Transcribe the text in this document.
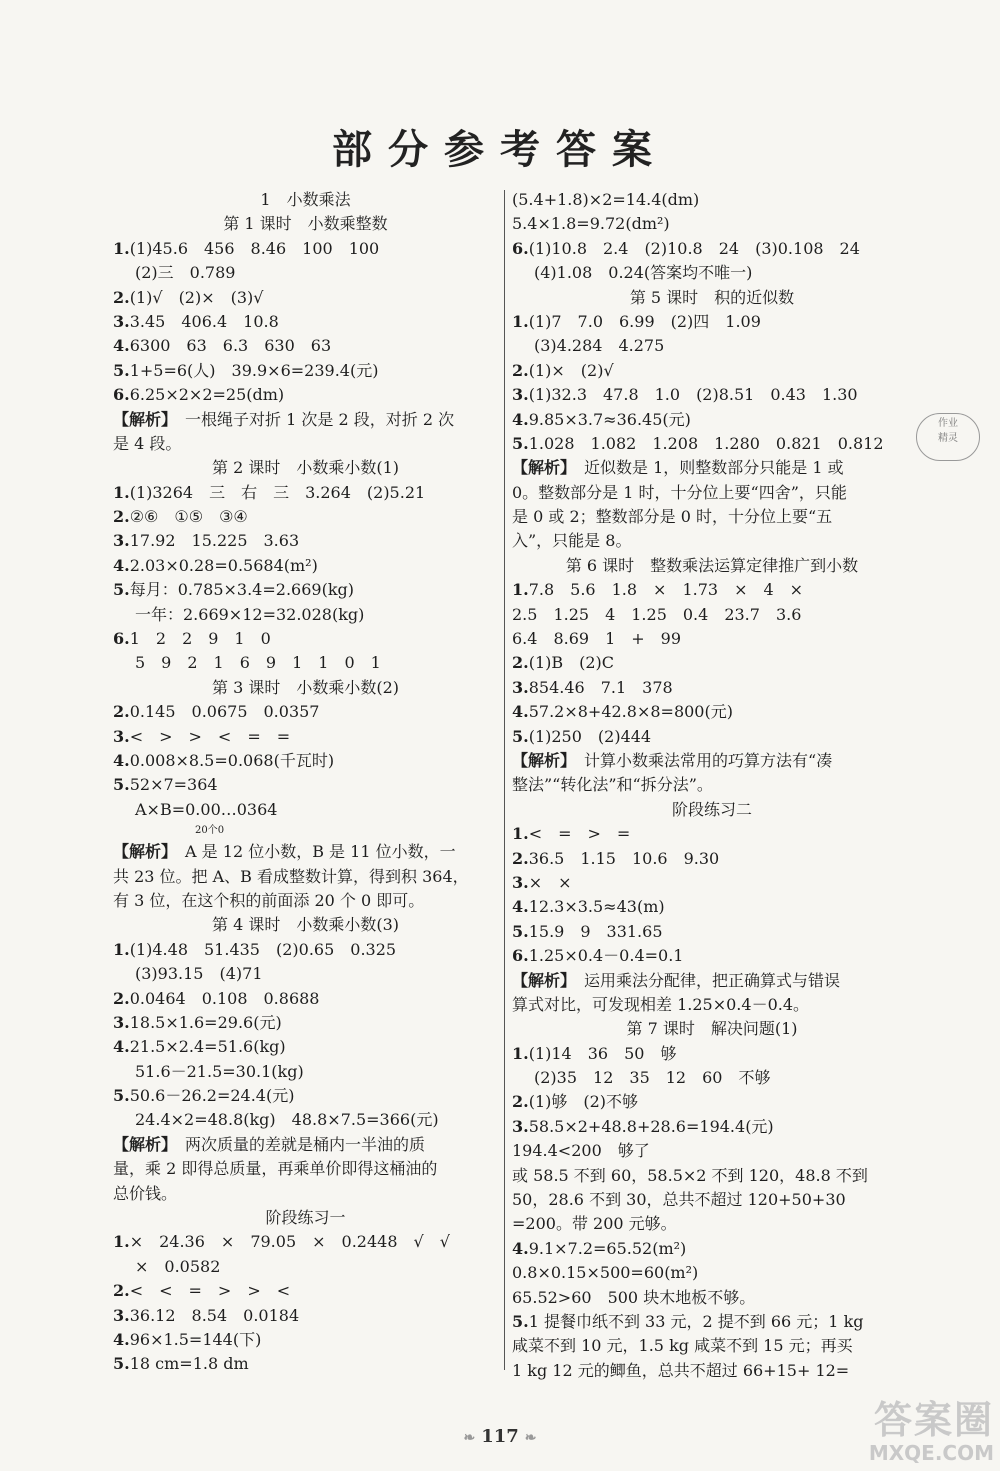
部分参考答案
1　小数乘法
第 1 课时　小数乘整数
1.(1)45.6　456　8.46　100　100
(2)三　0.789
2.(1)√　(2)×　(3)√
3.3.45　406.4　10.8
4.6300　63　6.3　630　63
5.1+5=6(人)　39.9×6=239.4(元)
6.6.25×2×2=25(dm)
【解析】　 一根绳子对折 1 次是 2 段，对折 2 次
是 4 段。
第 2 课时　小数乘小数(1)
1.(1)3264　三　右　三　3.264　(2)5.21
2.②⑥　①⑤　③④
3.17.92　15.225　3.63
4.2.03×0.28=0.5684(m²)
5.每月：0.785×3.4=2.669(kg)
一年：2.669×12=32.028(kg)
6.1　2　2　9　1　0
5　9　2　1　6　9　1　1　0　1
第 3 课时　小数乘小数(2)
2.0.145　0.0675　0.0357
3.<　>　>　<　=　=
4.0.008×8.5=0.068(千瓦时)
5.52×7=364
A×B=0.00…0364
20个0
【解析】　 A 是 12 位小数，B 是 11 位小数，一
共 23 位。把 A、B 看成整数计算，得到积 364，
有 3 位，在这个积的前面添 20 个 0 即可。
第 4 课时　小数乘小数(3)
1.(1)4.48　51.435　(2)0.65　0.325
(3)93.15　(4)71
2.0.0464　0.108　0.8688
3.18.5×1.6=29.6(元)
4.21.5×2.4=51.6(kg)
51.6－21.5=30.1(kg)
5.50.6－26.2=24.4(元)
24.4×2=48.8(kg)　48.8×7.5=366(元)
【解析】　 两次质量的差就是桶内一半油的质
量，乘 2 即得总质量，再乘单价即得这桶油的
总价钱。
阶段练习一
1.×　24.36　×　79.05　×　0.2448　√　√
×　0.0582
2.<　<　=　>　>　<
3.36.12　8.54　0.0184
4.96×1.5=144(下)
5.18 cm=1.8 dm
(5.4+1.8)×2=14.4(dm)
5.4×1.8=9.72(dm²)
6.(1)10.8　2.4　(2)10.8　24　(3)0.108　24
(4)1.08　0.24(答案均不唯一)
第 5 课时　积的近似数
1.(1)7　7.0　6.99　(2)四　1.09
(3)4.284　4.275
2.(1)×　(2)√
3.(1)32.3　47.8　1.0　(2)8.51　0.43　1.30
4.9.85×3.7≈36.45(元)
5.1.028　1.082　1.208　1.280　0.821　0.812
【解析】　 近似数是 1，则整数部分只能是 1 或
0。整数部分是 1 时，十分位上要“四舍”，只能
是 0 或 2；整数部分是 0 时，十分位上要“五
入”，只能是 8。
第 6 课时　整数乘法运算定律推广到小数
1.7.8　5.6　1.8　×　1.73　×　4　×
2.5　1.25　4　1.25　0.4　23.7　3.6
6.4　8.69　1　+　99
2.(1)B　(2)C
3.854.46　7.1　378
4.57.2×8+42.8×8=800(元)
5.(1)250　(2)444
【解析】　 计算小数乘法常用的巧算方法有“凑
整法”“转化法”和“拆分法”。
阶段练习二
1.<　=　>　=
2.36.5　1.15　10.6　9.30
3.×　×
4.12.3×3.5≈43(m)
5.15.9　9　331.65
6.1.25×0.4－0.4=0.1
【解析】　 运用乘法分配律，把正确算式与错误
算式对比，可发现相差 1.25×0.4－0.4。
第 7 课时　解决问题(1)
1.(1)14　36　50　够
(2)35　12　35　12　60　不够
2.(1)够　(2)不够
3.58.5×2+48.8+28.6=194.4(元)
194.4<200　够了
或 58.5 不到 60，58.5×2 不到 120，48.8 不到
50，28.6 不到 30，总共不超过 120+50+30
=200。带 200 元够。
4.9.1×7.2=65.52(m²)
0.8×0.15×500=60(m²)
65.52>60　500 块木地板不够。
5.1 提餐巾纸不到 33 元，2 提不到 66 元；1 kg
咸菜不到 10 元，1.5 kg 咸菜不到 15 元；再买
1 kg 12 元的鲫鱼，总共不超过 66+15+ 12=
作业
精灵
❧ 117 ❧	答案圈
MXQE.COM
